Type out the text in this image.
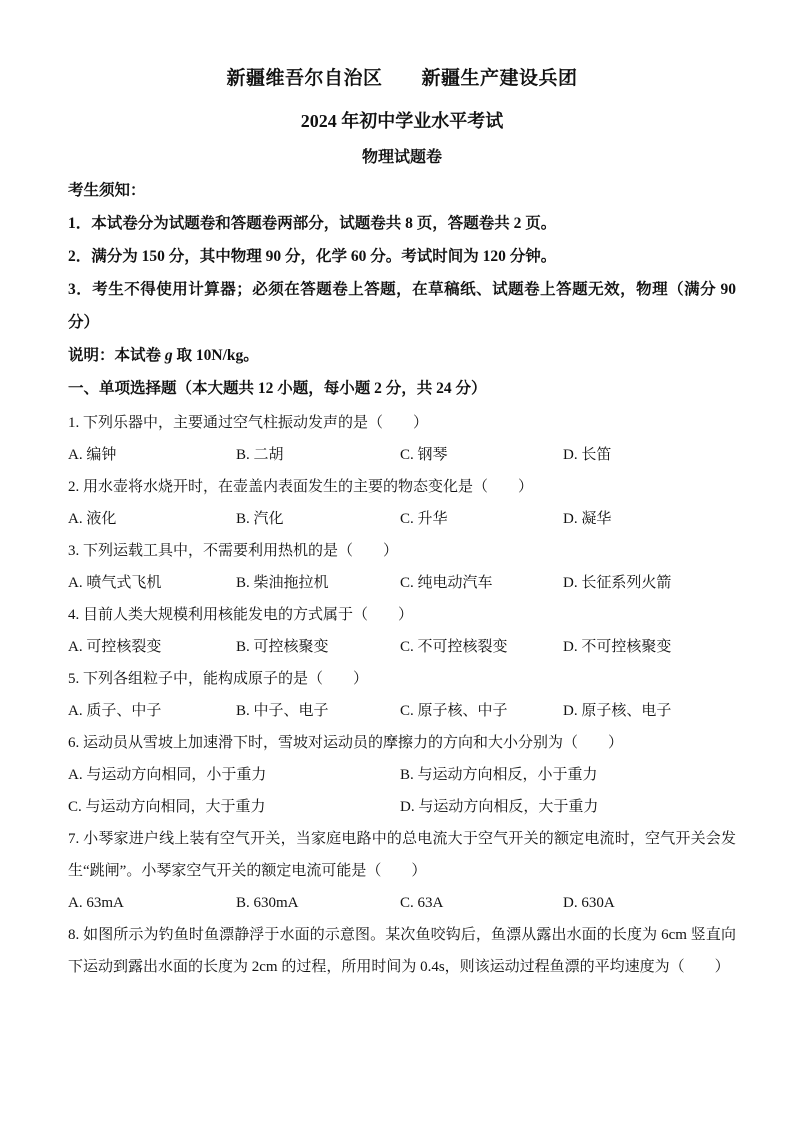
新疆维吾尔自治区　　新疆生产建设兵团
2024 年初中学业水平考试
物理试题卷

考生须知：

1．本试卷分为试题卷和答题卷两部分，试题卷共 8 页，答题卷共 2 页。

2．满分为 150 分，其中物理 90 分，化学 60 分。考试时间为 120 分钟。

3．考生不得使用计算器；必须在答题卷上答题，在草稿纸、试题卷上答题无效，物理（满分 90 分）

说明：本试卷 g 取 10N/kg。

一、单项选择题（本大题共 12 小题，每小题 2 分，共 24 分）

1. 下列乐器中，主要通过空气柱振动发声的是（　　）

A. 编钟	B. 二胡	C. 钢琴	D. 长笛

2. 用水壶将水烧开时，在壶盖内表面发生的主要的物态变化是（　　）

A. 液化	B. 汽化	C. 升华	D. 凝华

3. 下列运载工具中，不需要利用热机的是（　　）

A. 喷气式飞机	B. 柴油拖拉机	C. 纯电动汽车	D. 长征系列火箭

4. 目前人类大规模利用核能发电的方式属于（　　）

A. 可控核裂变	B. 可控核聚变	C. 不可控核裂变	D. 不可控核聚变

5. 下列各组粒子中，能构成原子的是（　　）

A. 质子、中子	B. 中子、电子	C. 原子核、中子	D. 原子核、电子

6. 运动员从雪坡上加速滑下时，雪坡对运动员的摩擦力的方向和大小分别为（　　）

A. 与运动方向相同，小于重力	B. 与运动方向相反，小于重力
C. 与运动方向相同，大于重力	D. 与运动方向相反，大于重力

7. 小琴家进户线上装有空气开关，当家庭电路中的总电流大于空气开关的额定电流时，空气开关会发生“跳闸”。小琴家空气开关的额定电流可能是（　　）

A. 63mA	B. 630mA	C. 63A	D. 630A

8. 如图所示为钓鱼时鱼漂静浮于水面的示意图。某次鱼咬钩后，鱼漂从露出水面的长度为 6cm 竖直向下运动到露出水面的长度为 2cm 的过程，所用时间为 0.4s，则该运动过程鱼漂的平均速度为（　　）
